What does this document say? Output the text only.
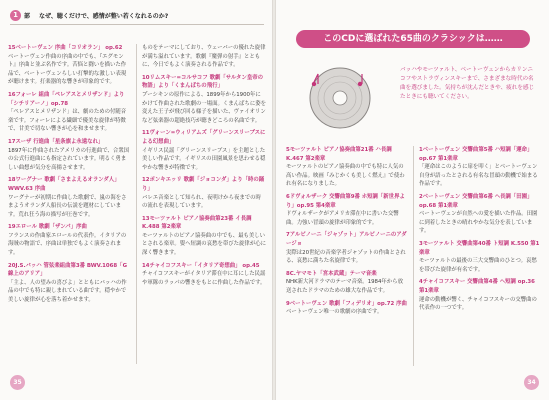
1	部 なぜ、聴くだけで、感情が整い若くなれるのか?
15ベートーヴェン 序曲「コリオラン」 op.62
ベートーヴェン作曲の序曲の中でも、『エグモント』序曲と並ぶ名作です。苦悩と闘いを描いた作品で、ベートーヴェンらしい打撃的な激しい表現が聴けます。打楽器的な響きが印象的です。
16フォーレ 組曲「ペレアスとメリザンド」より「シチリアーノ」op.78
「ペレアスとメリザンド」は、劇のための付随音楽です。フォーレによる繊細で優美な旋律が特徴で、甘美で切ない響きが心を和ませます。
17スーザ 行進曲「星条旗よ永遠なれ」
1897年に作曲されたアメリカの行進曲で、合衆国の公式行進曲にも指定されています。明るく勇ましい曲想が気分を高揚させます。
18ワーグナー 歌劇「さまよえるオランダ人」 WWV.63 序曲
ワーグナーが初期に作曲した歌劇で、嵐の海をさまようオランダ人船長の伝説を題材にしています。荒れ狂う海の描写が圧巻です。
19エロール 歌劇「ザンパ」序曲
フランスの作曲家エロールの代表作。イタリアの海賊の物語で、序曲は単独でもよく演奏されます。
20J.S.バッハ 管弦楽組曲第3番 BWV.1068「G線上のアリア」
「主よ、人の望みの喜びよ」とともにバッハの作品の中でも特に親しまれている曲です。穏やかで美しい旋律が心を落ち着かせます。
ものをテーマにしており、ウェーバーの優れた旋律が満ち溢れています。歌劇『魔弾の射手』とともに、今日でもよく演奏される作品です。
10リムスキー=コルサコフ 歌劇「サルタン皇帝の物語」より「くまんばちの飛行」
プーシキンの原作による、1899年から1900年にかけて作曲された歌劇の一場面。くまんばちに姿を変えた王子が飛び回る様子を描いた、ヴァイオリンなど弦楽器の超絶技巧が聴きどころの名曲です。
11ヴォーン=ウィリアムズ「グリーンスリーブスによる幻想曲」
イギリス民謡「グリーンスリーブス」を主題とした美しい作品です。イギリスの田園風景を思わせる穏やかな響きが特徴です。
12ポンキエッリ 歌劇「ジョコンダ」より「時の踊り」
バレエ音楽として知られ、夜明けから夜までの時の流れを表現しています。
13モーツァルト ピアノ協奏曲第23番 イ長調 K.488 第2楽章
モーツァルトのピアノ協奏曲の中でも、最も美しいとされる楽章。嬰ヘ短調の哀愁を帯びた旋律が心に深く響きます。
14チャイコフスキー「イタリア奇想曲」 op.45
チャイコフスキーがイタリア滞在中に耳にした民謡や軍隊のラッパの響きをもとに作曲した作品です。
35
このCDに選ばれた65曲のクラシックは……
バッハやモーツァルト、ベートーヴェンからカリンニコフやストラヴィンスキーまで、さまざまな時代の名曲を選びました。気持ちが沈んだときや、疲れを感じたときにも聴いてください。
5モーツァルト ピアノ協奏曲第21番 ハ長調 K.467 第2楽章
モーツァルトのピアノ協奏曲の中でも特に人気の高い作品。映画『みじかくも美しく燃え』で使われ有名になりました。
6ドヴォルザーク 交響曲第9番 ホ短調「新世界より」op.95 第4楽章
ドヴォルザークがアメリカ滞在中に書いた交響曲。力強い冒頭の旋律が印象的です。
7アルビノーニ「ジャゾット」アルビノーニのアダージョ
実際は20世紀の音楽学者ジャゾットの作曲とされる、哀愁に満ちた名旋律です。
8C.ヤマモト「宮本武蔵」テーマ音楽
NHK新大河ドラマのテーマ音楽。1984年から放送されたドラマのための雄大な作品です。
9ベートーヴェン 歌劇「フィデリオ」op.72 序曲
ベートーヴェン唯一の歌劇の序曲です。
1ベートーヴェン 交響曲第5番 ハ短調「運命」op.67 第1楽章
「運命はこのように扉を叩く」とベートーヴェン自身が語ったとされる有名な冒頭の動機で始まる作品です。
2ベートーヴェン 交響曲第6番 ヘ長調「田園」op.68 第1楽章
ベートーヴェンが自然への愛を描いた作品。田園に到着したときの晴れやかな気分を表しています。
3モーツァルト 交響曲第40番 ト短調 K.550 第1楽章
モーツァルトの最後の三大交響曲のひとつ。哀愁を帯びた旋律が有名です。
4チャイコフスキー 交響曲第4番 ヘ短調 op.36 第1楽章
運命の動機が響く、チャイコフスキーの交響曲の代表作の一つです。
34
